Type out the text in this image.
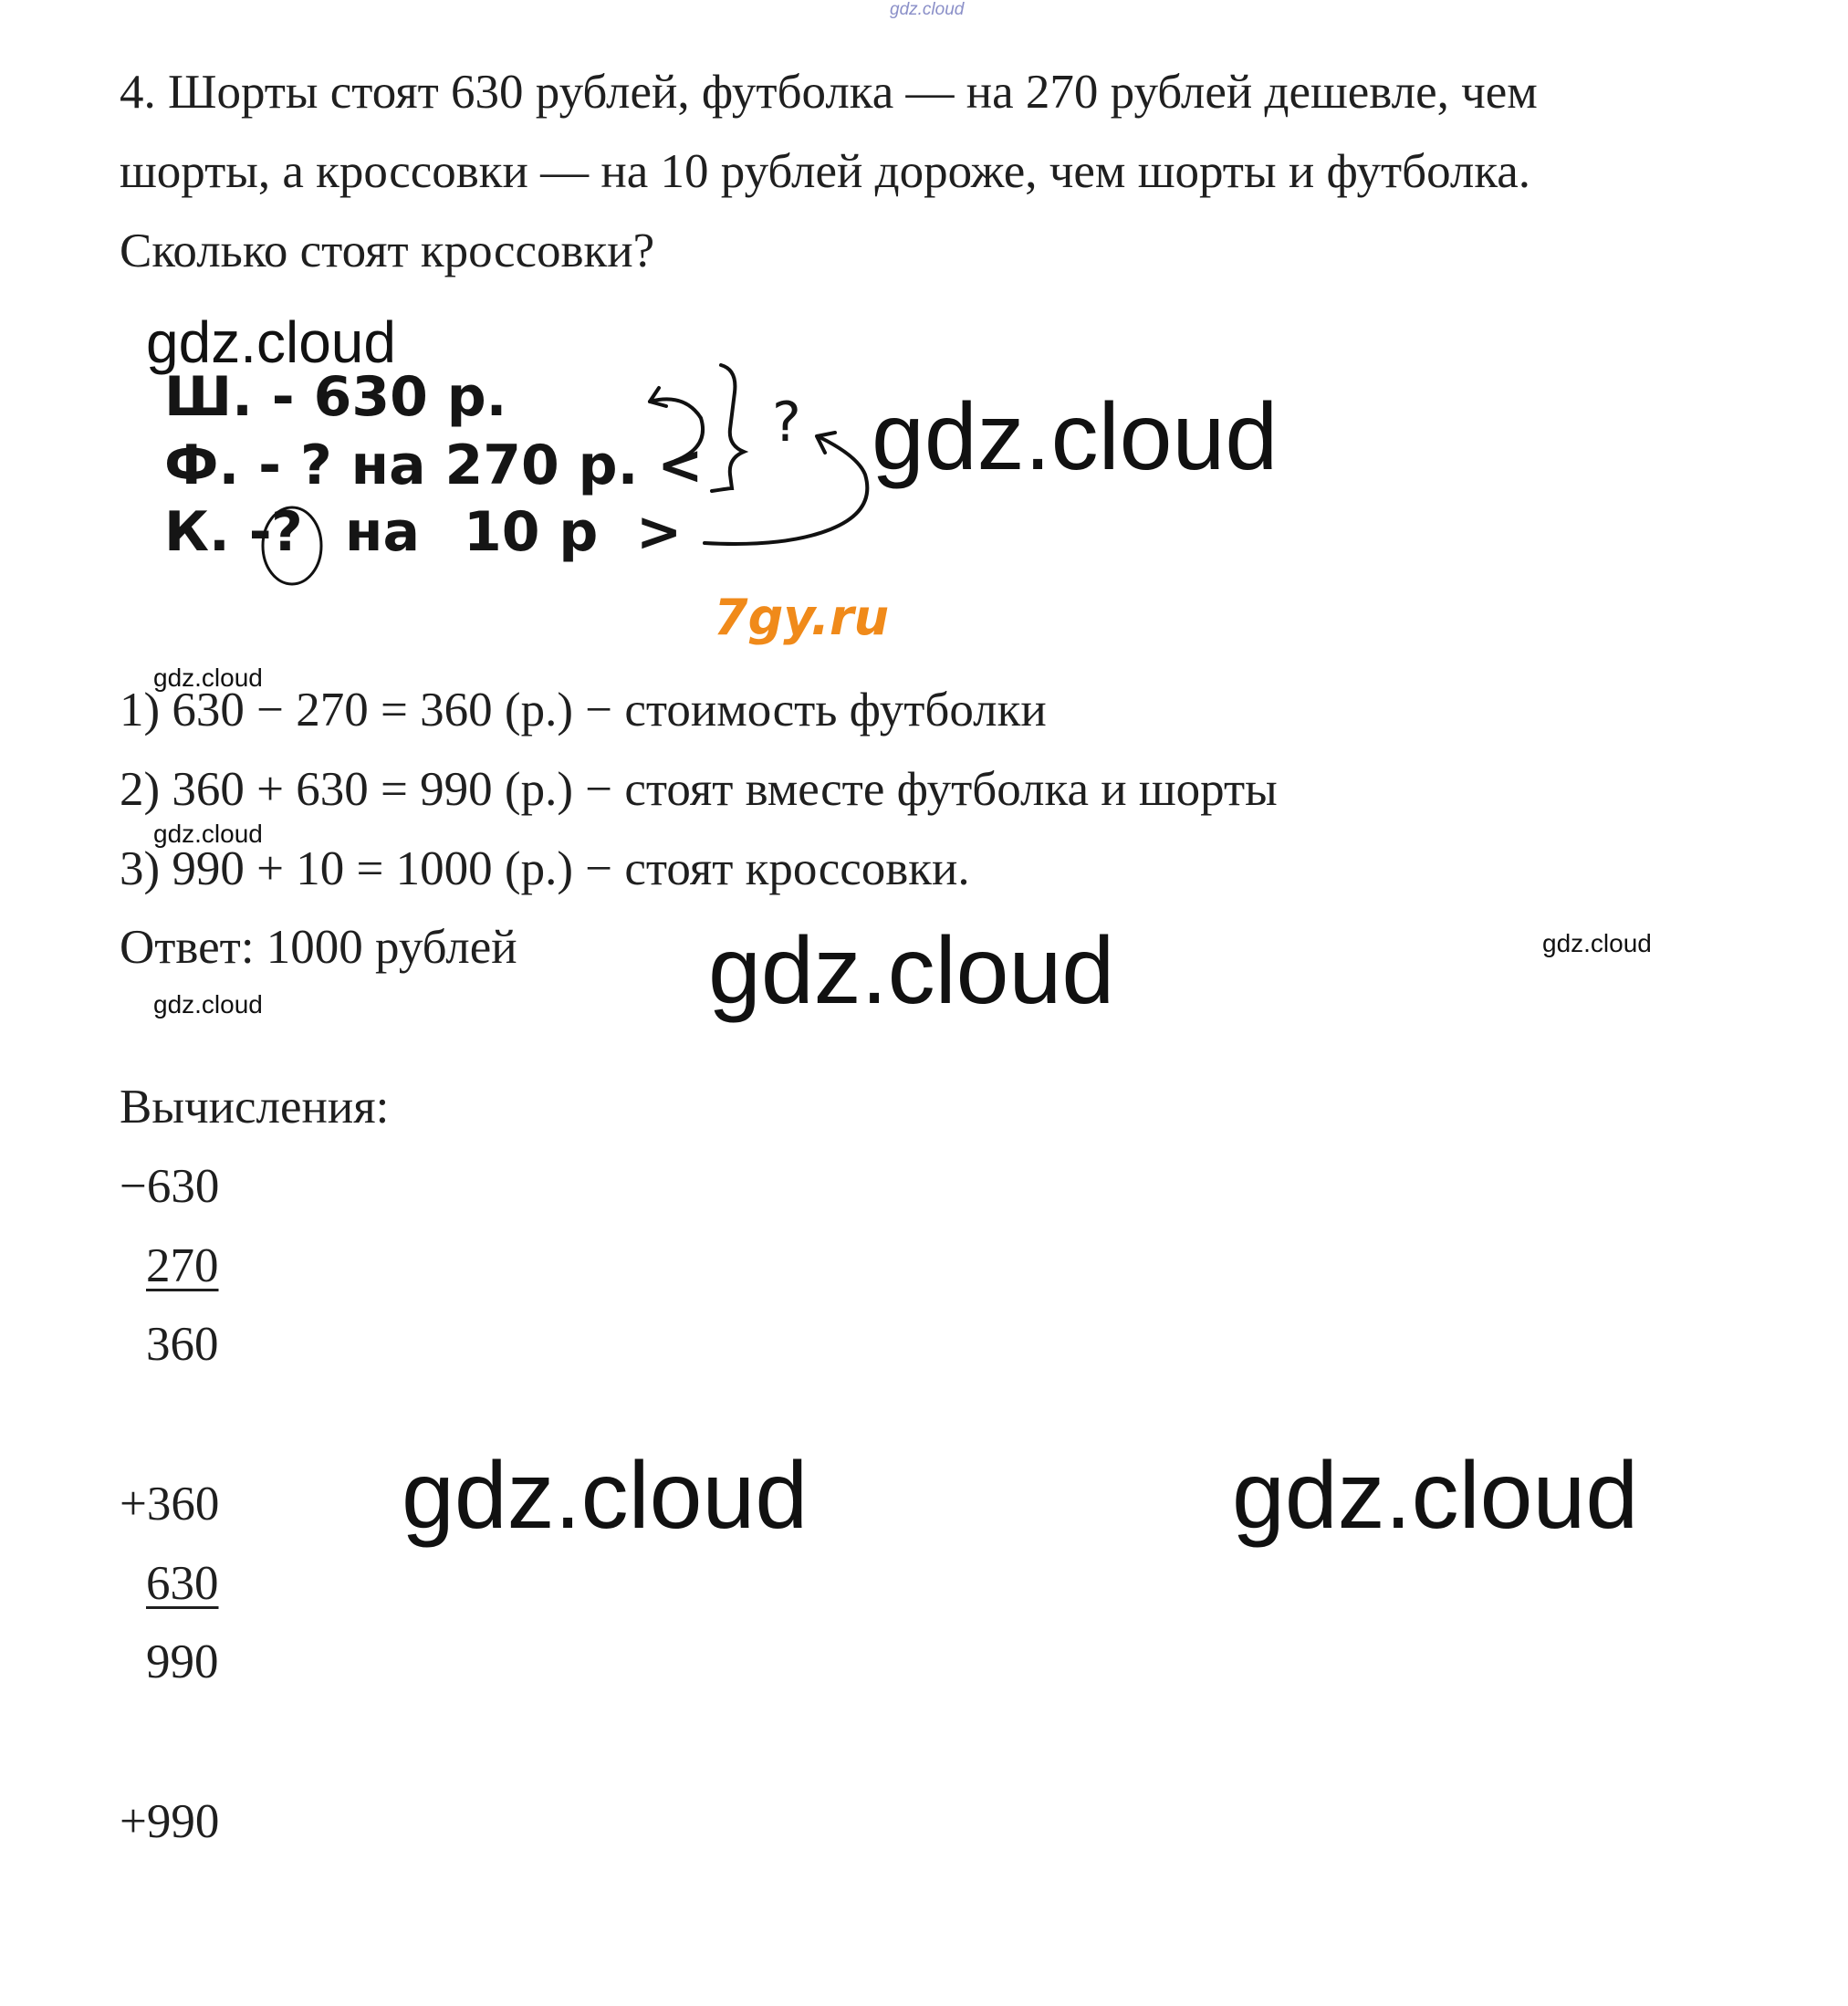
gdz.cloud
4. Шорты стоят 630 рублей, футболка — на 270 рублей дешевле, чем
шорты, а кроссовки — на 10 рублей дороже, чем шорты и футболка.
Сколько стоят кроссовки?
gdz.cloud
gdz.cloud
Ш. - 630 р.
Ф. - ? на 270 р. <
К. - ? на 10 р >
?
7gy.ru
gdz.cloud
1) 630 − 270 = 360 (р.) − стоимость футболки
2) 360 + 630 = 990 (р.) − стоят вместе футболка и шорты
gdz.cloud
3) 990 + 10 = 1000 (р.) − стоят кроссовки.
Ответ: 1000 рублей gdz.cloud	gdz.cloud
gdz.cloud
Вычисления:
−630
270
360
+360
630
990
+990
gdz.cloud	gdz.cloud
